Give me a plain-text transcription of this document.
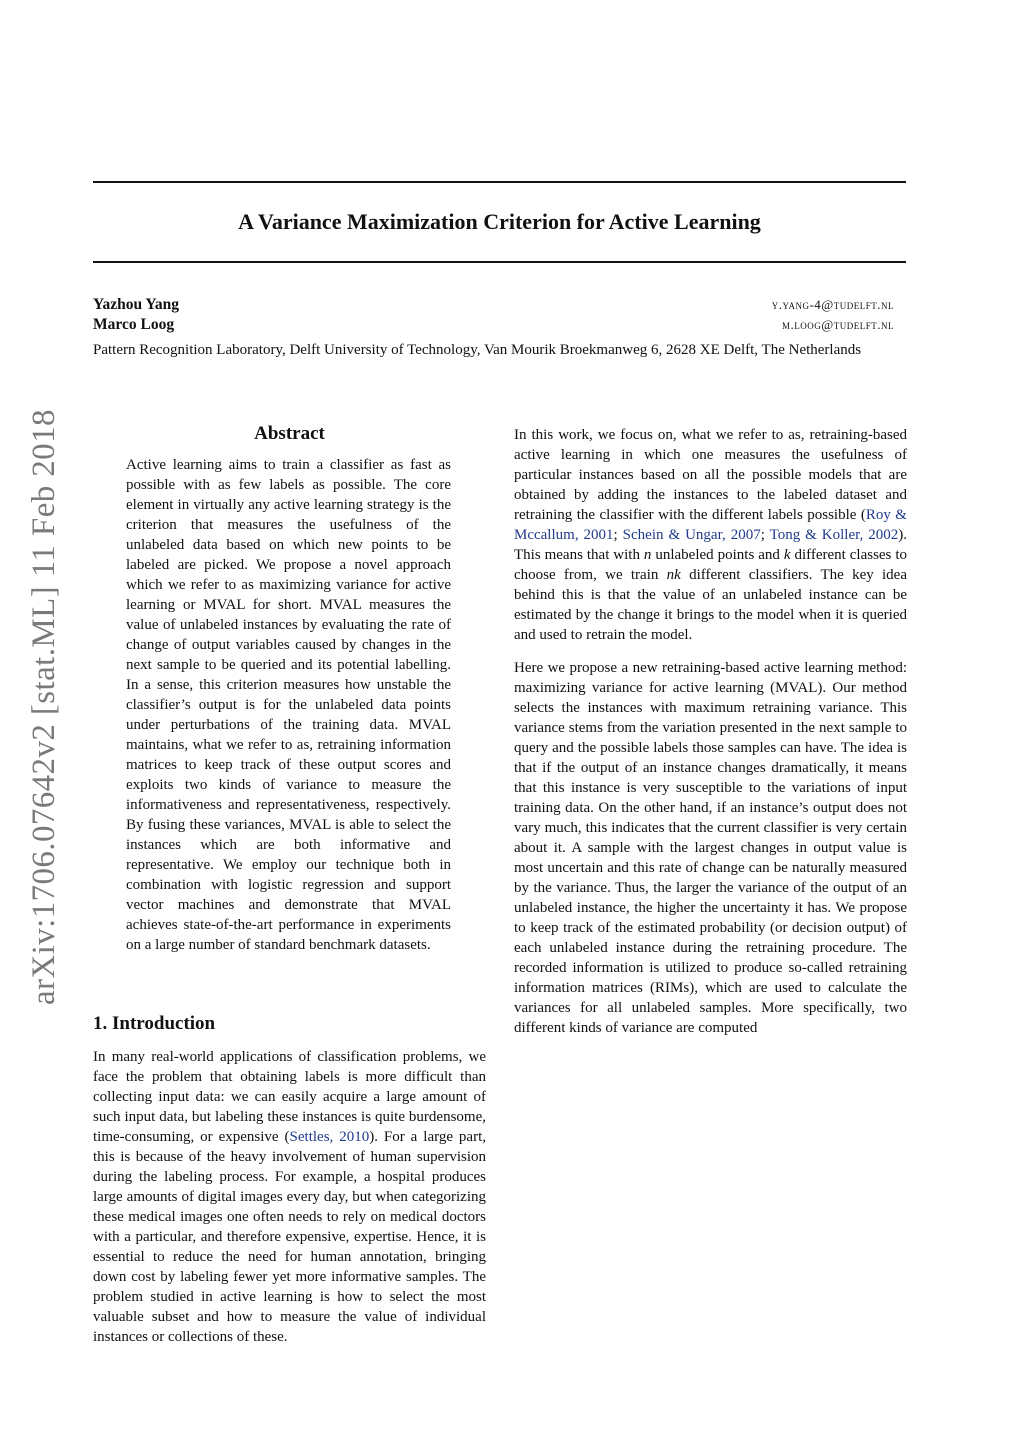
arXiv:1706.07642v2 [stat.ML] 11 Feb 2018
A Variance Maximization Criterion for Active Learning
Yazhou Yang	y.yang-4@tudelft.nl
Marco Loog	m.loog@tudelft.nl
Pattern Recognition Laboratory, Delft University of Technology, Van Mourik Broekmanweg 6, 2628 XE Delft, The Netherlands
Abstract

Active learning aims to train a classifier as fast as possible with as few labels as possible. The core element in virtually any active learning strategy is the criterion that measures the usefulness of the unlabeled data based on which new points to be labeled are picked. We propose a novel approach which we refer to as maximizing variance for active learning or MVAL for short. MVAL measures the value of unlabeled instances by evaluating the rate of change of output variables caused by changes in the next sample to be queried and its potential labelling. In a sense, this criterion measures how unstable the classifier’s output is for the unlabeled data points under perturbations of the training data. MVAL maintains, what we refer to as, retraining information matrices to keep track of these output scores and exploits two kinds of variance to measure the informativeness and representativeness, respectively. By fusing these variances, MVAL is able to select the instances which are both informative and representative. We employ our technique both in combination with logistic regression and support vector machines and demonstrate that MVAL achieves state-of-the-art performance in experiments on a large number of standard benchmark datasets.

1. Introduction

In many real-world applications of classification problems, we face the problem that obtaining labels is more difficult than collecting input data: we can easily acquire a large amount of such input data, but labeling these instances is quite burdensome, time-consuming, or expensive (Settles, 2010). For a large part, this is because of the heavy involvement of human supervision during the labeling process. For example, a hospital produces large amounts of digital images every day, but when categorizing these medical images one often needs to rely on medical doctors with a particular, and therefore expensive, expertise. Hence, it is essential to reduce the need for human annotation, bringing down cost by labeling fewer yet more informative samples. The problem studied in active learning is how to select the most valuable subset and how to measure the value of individual instances or collections of these.

In this work, we focus on, what we refer to as, retraining-based active learning in which one measures the usefulness of particular instances based on all the possible models that are obtained by adding the instances to the labeled dataset and retraining the classifier with the different labels possible (Roy & Mccallum, 2001; Schein & Ungar, 2007; Tong & Koller, 2002). This means that with n unlabeled points and k different classes to choose from, we train nk different classifiers. The key idea behind this is that the value of an unlabeled instance can be estimated by the change it brings to the model when it is queried and used to retrain the model.

Here we propose a new retraining-based active learning method: maximizing variance for active learning (MVAL). Our method selects the instances with maximum retraining variance. This variance stems from the variation presented in the next sample to query and the possible labels those samples can have. The idea is that if the output of an instance changes dramatically, it means that this instance is very susceptible to the variations of input training data. On the other hand, if an instance’s output does not vary much, this indicates that the current classifier is very certain about it. A sample with the largest changes in output value is most uncertain and this rate of change can be naturally measured by the variance. Thus, the larger the variance of the output of an unlabeled instance, the higher the uncertainty it has. We propose to keep track of the estimated probability (or decision output) of each unlabeled instance during the retraining procedure. The recorded information is utilized to produce so-called retraining information matrices (RIMs), which are used to calculate the variances for all unlabeled samples. More specifically, two different kinds of variance are computed
